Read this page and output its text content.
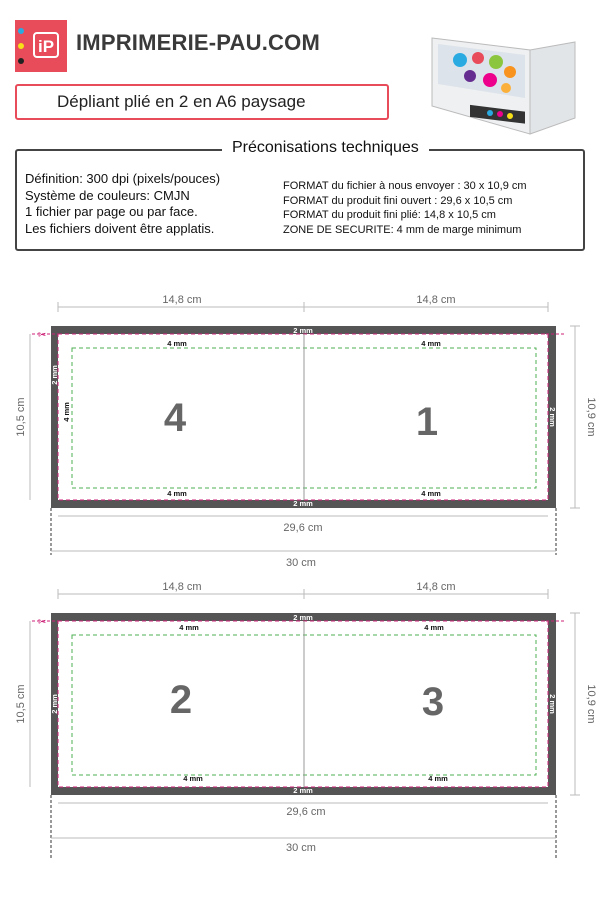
iP IMPRIMERIE-PAU.COM
Dépliant plié en 2 en A6 paysage
Préconisations techniques
Définition: 300 dpi (pixels/pouces)
Système de couleurs: CMJN
1 fichier par page ou par face.
Les fichiers doivent être applatis.
FORMAT du fichier à nous envoyer : 30 x 10,9 cm
FORMAT du produit fini ouvert : 29,6 x 10,5 cm
FORMAT du produit fini plié: 14,8 x 10,5 cm
ZONE DE SECURITE: 4 mm de marge minimum
14,8 cm	14,8 cm
10,5 cm	10,9 cm
✂	2 mm
2 mm
2 mm
2 mm
4 mm	4 mm
4 mm	4 mm
4 mm 4	1
29,6 cm
30 cm
14,8 cm	14,8 cm
10,5 cm	10,9 cm
✂	2 mm
2 mm
2 mm	2 mm
4 mm	4 mm
4 mm	4 mm
2	3
29,6 cm
30 cm
